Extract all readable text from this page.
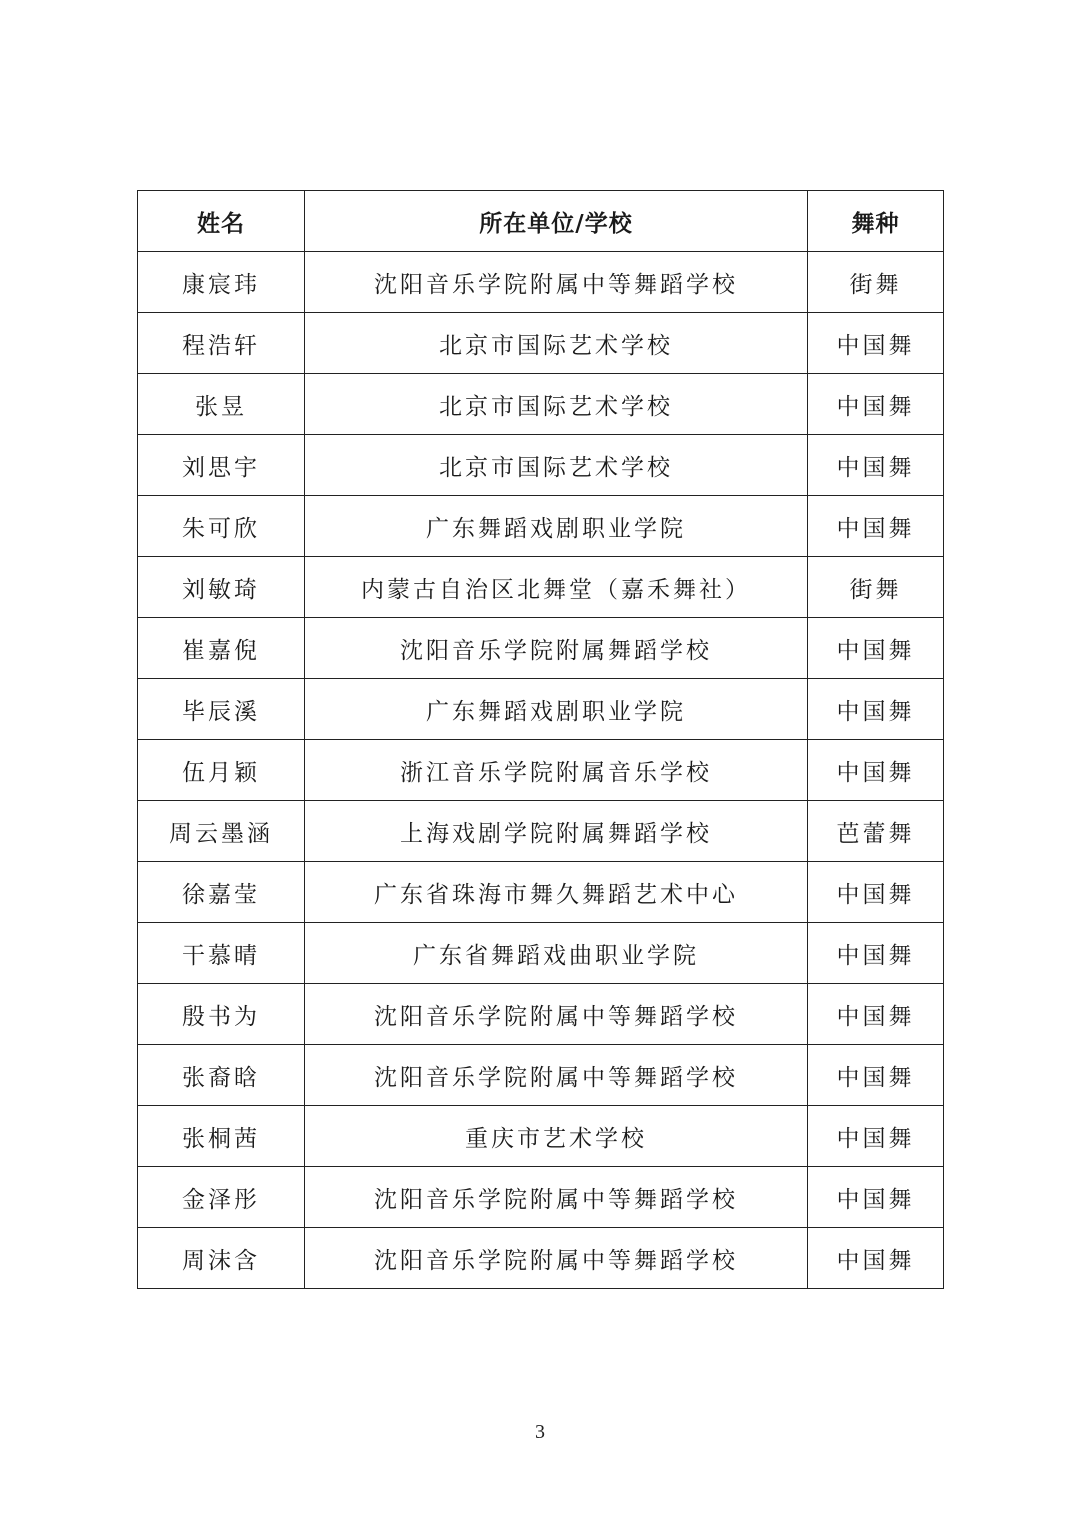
姓名	所在单位/学校	舞种
康宸玮	沈阳音乐学院附属中等舞蹈学校	街舞
程浩轩	北京市国际艺术学校	中国舞
张昱	北京市国际艺术学校	中国舞
刘思宇	北京市国际艺术学校	中国舞
朱可欣	广东舞蹈戏剧职业学院	中国舞
刘敏琦	内蒙古自治区北舞堂（嘉禾舞社）	街舞
崔嘉倪	沈阳音乐学院附属舞蹈学校	中国舞
毕辰溪	广东舞蹈戏剧职业学院	中国舞
伍月颖	浙江音乐学院附属音乐学校	中国舞
周云墨涵	上海戏剧学院附属舞蹈学校	芭蕾舞
徐嘉莹	广东省珠海市舞久舞蹈艺术中心	中国舞
干慕晴	广东省舞蹈戏曲职业学院	中国舞
殷书为	沈阳音乐学院附属中等舞蹈学校	中国舞
张裔晗	沈阳音乐学院附属中等舞蹈学校	中国舞
张桐茜	重庆市艺术学校	中国舞
金泽彤	沈阳音乐学院附属中等舞蹈学校	中国舞
周沫含	沈阳音乐学院附属中等舞蹈学校	中国舞
3
